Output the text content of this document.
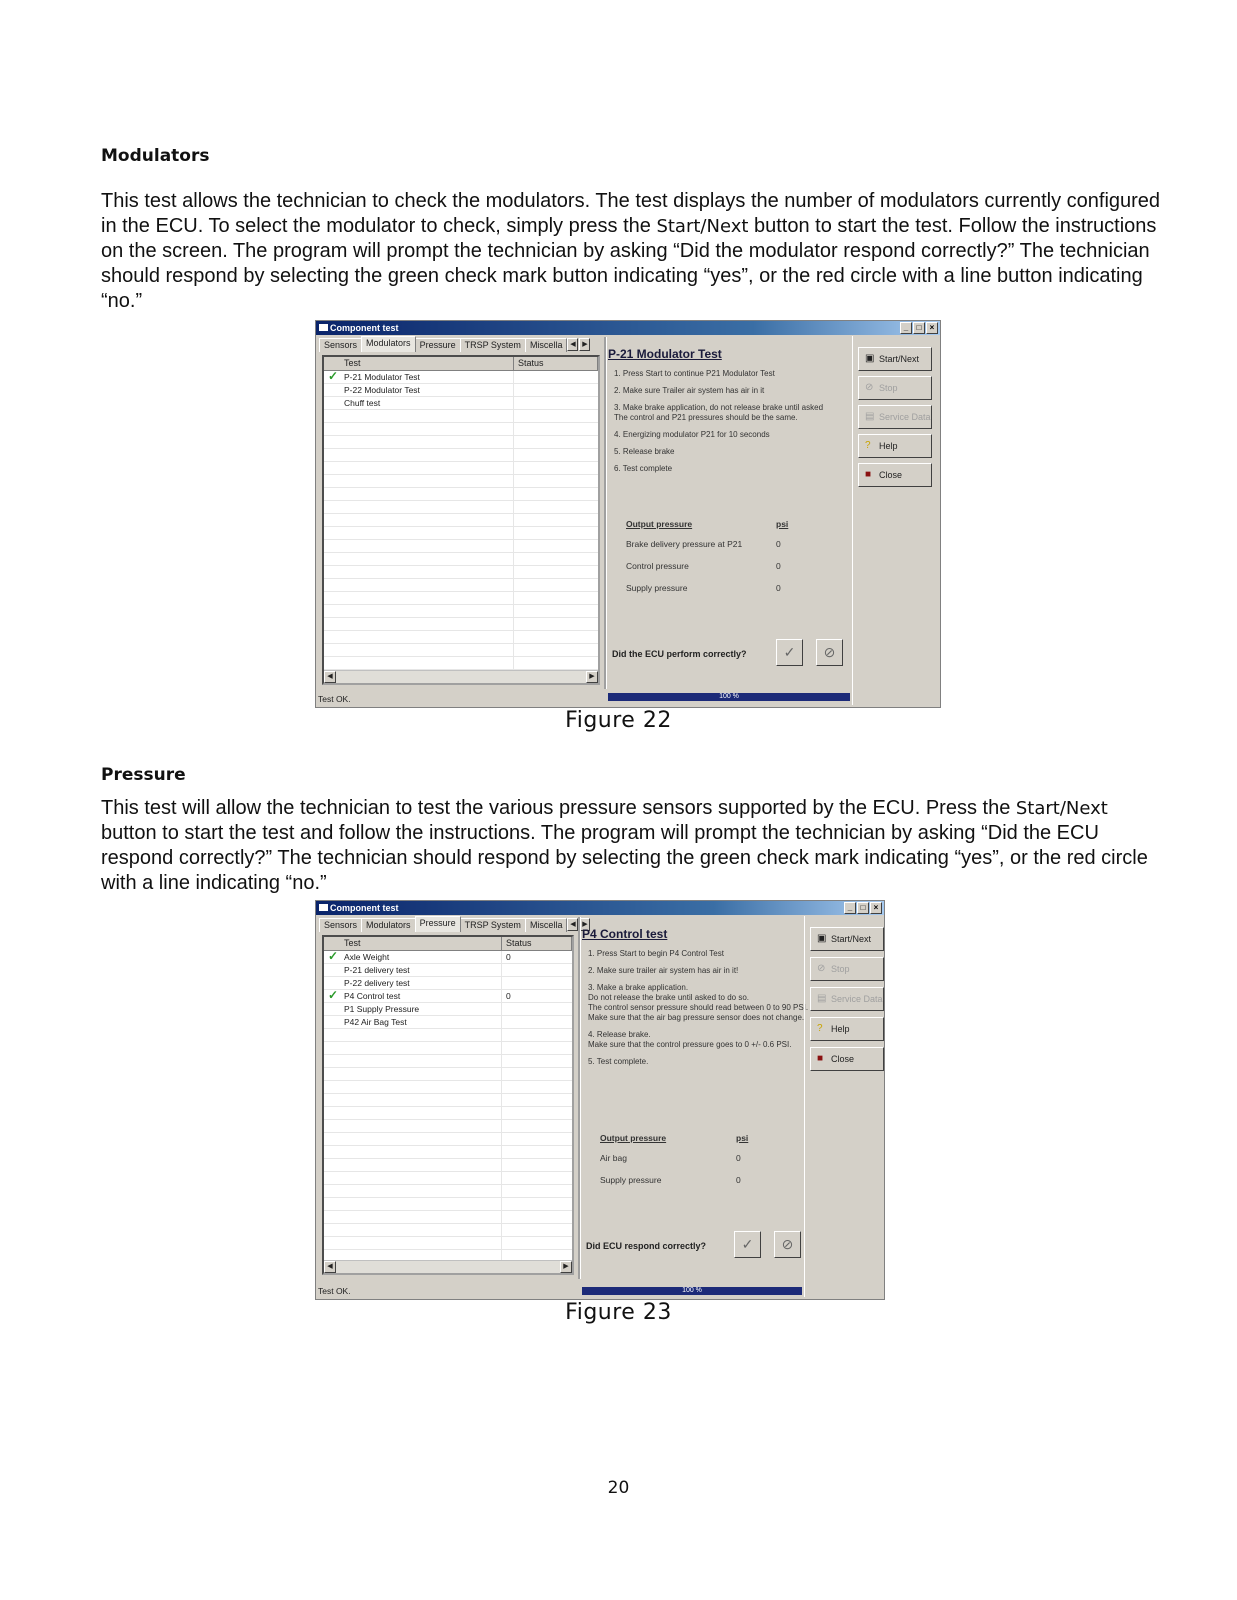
Modulators
This test allows the technician to check the modulators. The test displays the number of modulators currently configured in the ECU. To select the modulator to check, simply press the Start/Next button to start the test. Follow the instructions on the screen. The program will prompt the technician by asking “Did the modulator respond correctly?” The technician should respond by selecting the green check mark button indicating “yes”, or the red circle with a line button indicating “no.”
Component test	_	□	×
Sensors	Modulators	Pressure	TRSP System	Miscella	◀ ▶
Test	Status
✓ P-21 Modulator Test
P-22 Modulator Test
Chuff test
◀	▶
Test OK.
P-21 Modulator Test
1. Press Start to continue P21 Modulator Test
2. Make sure Trailer air system has air in it
3. Make brake application, do not release brake until asked
The control and P21 pressures should be the same.
4. Energizing modulator P21 for 10 seconds
5. Release brake
6. Test complete
Output pressure	psi
Brake delivery pressure at P21	0
Control pressure	0
Supply pressure	0
Did the ECU perform correctly?	✓	⊘
100 %
▣ Start/Next
⊘ Stop
▤ Service Data
? Help
■ Close
Figure 22
Pressure
This test will allow the technician to test the various pressure sensors supported by the ECU. Press the Start/Next button to start the test and follow the instructions. The program will prompt the technician by asking “Did the ECU respond correctly?” The technician should respond by selecting the green check mark indicating “yes”, or the red circle with a line indicating “no.”
Component test	_	□	×
Sensors	Modulators	Pressure	TRSP System	Miscella	◀ ▶
Test	Status
✓ Axle Weight	0
P-21 delivery test
P-22 delivery test
✓ P4 Control test	0
P1 Supply Pressure
P42 Air Bag Test
◀	▶
Test OK.
P4 Control test
1. Press Start to begin P4 Control Test
2. Make sure trailer air system has air in it!
3. Make a brake application.
Do not release the brake until asked to do so.
The control sensor pressure should read between 0 to 90 PSI.
Make sure that the air bag pressure sensor does not change.
4. Release brake.
Make sure that the control pressure goes to 0 +/- 0.6 PSI.
5. Test complete.
Output pressure	psi
Air bag	0
Supply pressure	0
Did ECU respond correctly?	✓	⊘
100 %
▣ Start/Next
⊘ Stop
▤ Service Data
? Help
■ Close
Figure 23
20
